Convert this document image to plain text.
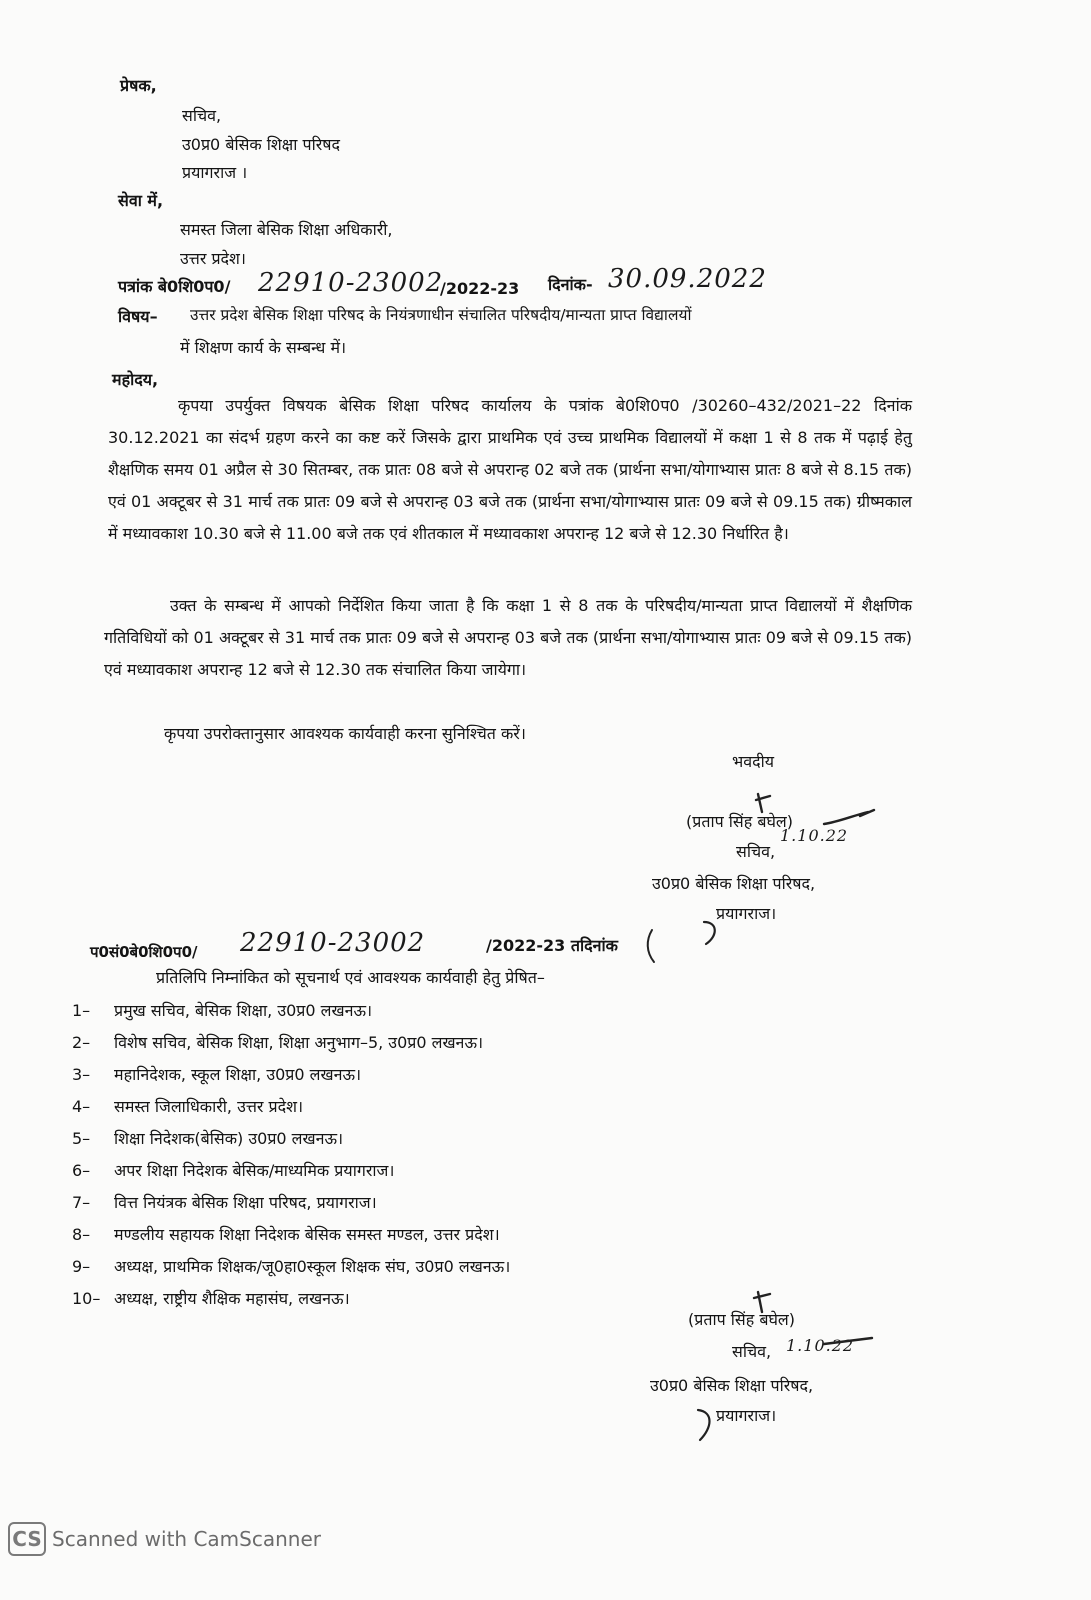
प्रेषक,
सचिव,
उ0प्र0 बेसिक शिक्षा परिषद
प्रयागराज ।
सेवा में,
समस्त जिला बेसिक शिक्षा अधिकारी,
उत्तर प्रदेश।
पत्रांक बे0शि0प0/ 22910-23002
/2022-23 दिनांक- 30.09.2022
विषय– उत्तर प्रदेश बेसिक शिक्षा परिषद के नियंत्रणाधीन संचालित परिषदीय/मान्यता प्राप्त विद्यालयों
में शिक्षण कार्य के सम्बन्ध में।
महोदय,
कृपया उपर्युक्त विषयक बेसिक शिक्षा परिषद कार्यालय के पत्रांक बे0शि0प0 /30260–432/2021–22 दिनांक 30.12.2021 का संदर्भ ग्रहण करने का कष्ट करें जिसके द्वारा प्राथमिक एवं उच्च प्राथमिक विद्यालयों में कक्षा 1 से 8 तक में पढ़ाई हेतु शैक्षणिक समय 01 अप्रैल से 30 सितम्बर, तक प्रातः 08 बजे से अपरान्ह 02 बजे तक (प्रार्थना सभा/योगाभ्यास प्रातः 8 बजे से 8.15 तक) एवं 01 अक्टूबर से 31 मार्च तक प्रातः 09 बजे से अपरान्ह 03 बजे तक (प्रार्थना सभा/योगाभ्यास प्रातः 09 बजे से 09.15 तक) ग्रीष्मकाल में मध्यावकाश 10.30 बजे से 11.00 बजे तक एवं शीतकाल में मध्यावकाश अपरान्ह 12 बजे से 12.30 निर्धारित है।
उक्त के सम्बन्ध में आपको निर्देशित किया जाता है कि कक्षा 1 से 8 तक के परिषदीय/मान्यता प्राप्त विद्यालयों में शैक्षणिक गतिविधियों को 01 अक्टूबर से 31 मार्च तक प्रातः 09 बजे से अपरान्ह 03 बजे तक (प्रार्थना सभा/योगाभ्यास प्रातः 09 बजे से 09.15 तक) एवं मध्यावकाश अपरान्ह 12 बजे से 12.30 तक संचालित किया जायेगा।
कृपया उपरोक्तानुसार आवश्यक कार्यवाही करना सुनिश्चित करें।
भवदीय
(प्रताप सिंह बघेल)
सचिव,
1.10.22
उ0प्र0 बेसिक शिक्षा परिषद,
प्रयागराज।
प0सं0बे0शि0प0/ 22910-23002	/2022-23 तदिनांक
प्रतिलिपि निम्नांकित को सूचनार्थ एवं आवश्यक कार्यवाही हेतु प्रेषित–
1– प्रमुख सचिव, बेसिक शिक्षा, उ0प्र0 लखनऊ।
2– विशेष सचिव, बेसिक शिक्षा, शिक्षा अनुभाग–5, उ0प्र0 लखनऊ।
3– महानिदेशक, स्कूल शिक्षा, उ0प्र0 लखनऊ।
4– समस्त जिलाधिकारी, उत्तर प्रदेश।
5– शिक्षा निदेशक(बेसिक) उ0प्र0 लखनऊ।
6– अपर शिक्षा निदेशक बेसिक/माध्यमिक प्रयागराज।
7– वित्त नियंत्रक बेसिक शिक्षा परिषद, प्रयागराज।
8– मण्डलीय सहायक शिक्षा निदेशक बेसिक समस्त मण्डल, उत्तर प्रदेश।
9– अध्यक्ष, प्राथमिक शिक्षक/जू0हा0स्कूल शिक्षक संघ, उ0प्र0 लखनऊ।
10– अध्यक्ष, राष्ट्रीय शैक्षिक महासंघ, लखनऊ।
(प्रताप सिंह बघेल)
सचिव, 1.10.22
उ0प्र0 बेसिक शिक्षा परिषद,
प्रयागराज।
CS Scanned with CamScanner
